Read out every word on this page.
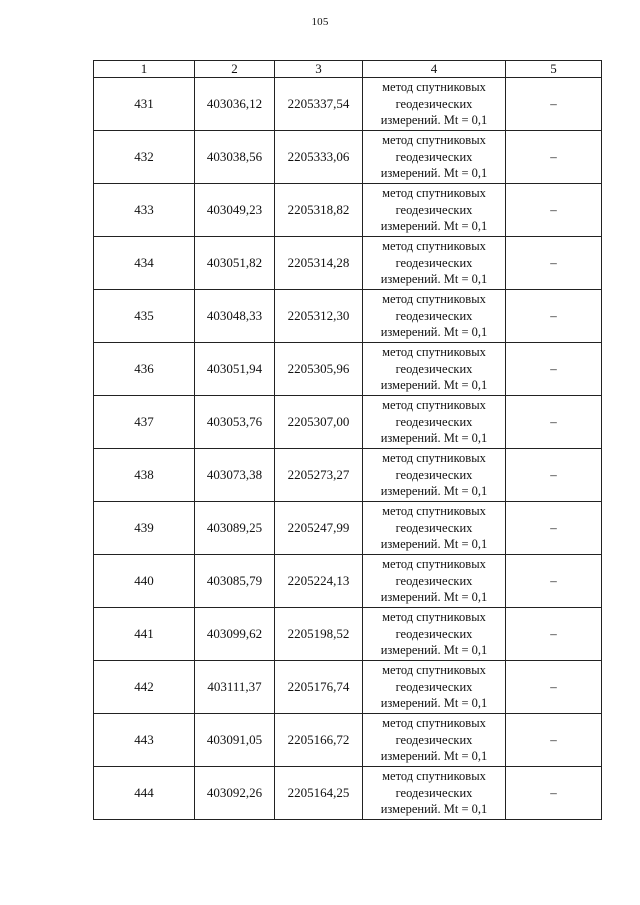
105
1	2	3	4	5
431	403036,12	2205337,54	метод спутниковых
геодезических
измерений. Mt = 0,1	–
432	403038,56	2205333,06	метод спутниковых
геодезических
измерений. Mt = 0,1	–
433	403049,23	2205318,82	метод спутниковых
геодезических
измерений. Mt = 0,1	–
434	403051,82	2205314,28	метод спутниковых
геодезических
измерений. Mt = 0,1	–
435	403048,33	2205312,30	метод спутниковых
геодезических
измерений. Mt = 0,1	–
436	403051,94	2205305,96	метод спутниковых
геодезических
измерений. Mt = 0,1	–
437	403053,76	2205307,00	метод спутниковых
геодезических
измерений. Mt = 0,1	–
438	403073,38	2205273,27	метод спутниковых
геодезических
измерений. Mt = 0,1	–
439	403089,25	2205247,99	метод спутниковых
геодезических
измерений. Mt = 0,1	–
440	403085,79	2205224,13	метод спутниковых
геодезических
измерений. Mt = 0,1	–
441	403099,62	2205198,52	метод спутниковых
геодезических
измерений. Mt = 0,1	–
442	403111,37	2205176,74	метод спутниковых
геодезических
измерений. Mt = 0,1	–
443	403091,05	2205166,72	метод спутниковых
геодезических
измерений. Mt = 0,1	–
444	403092,26	2205164,25	метод спутниковых
геодезических
измерений. Mt = 0,1	–
